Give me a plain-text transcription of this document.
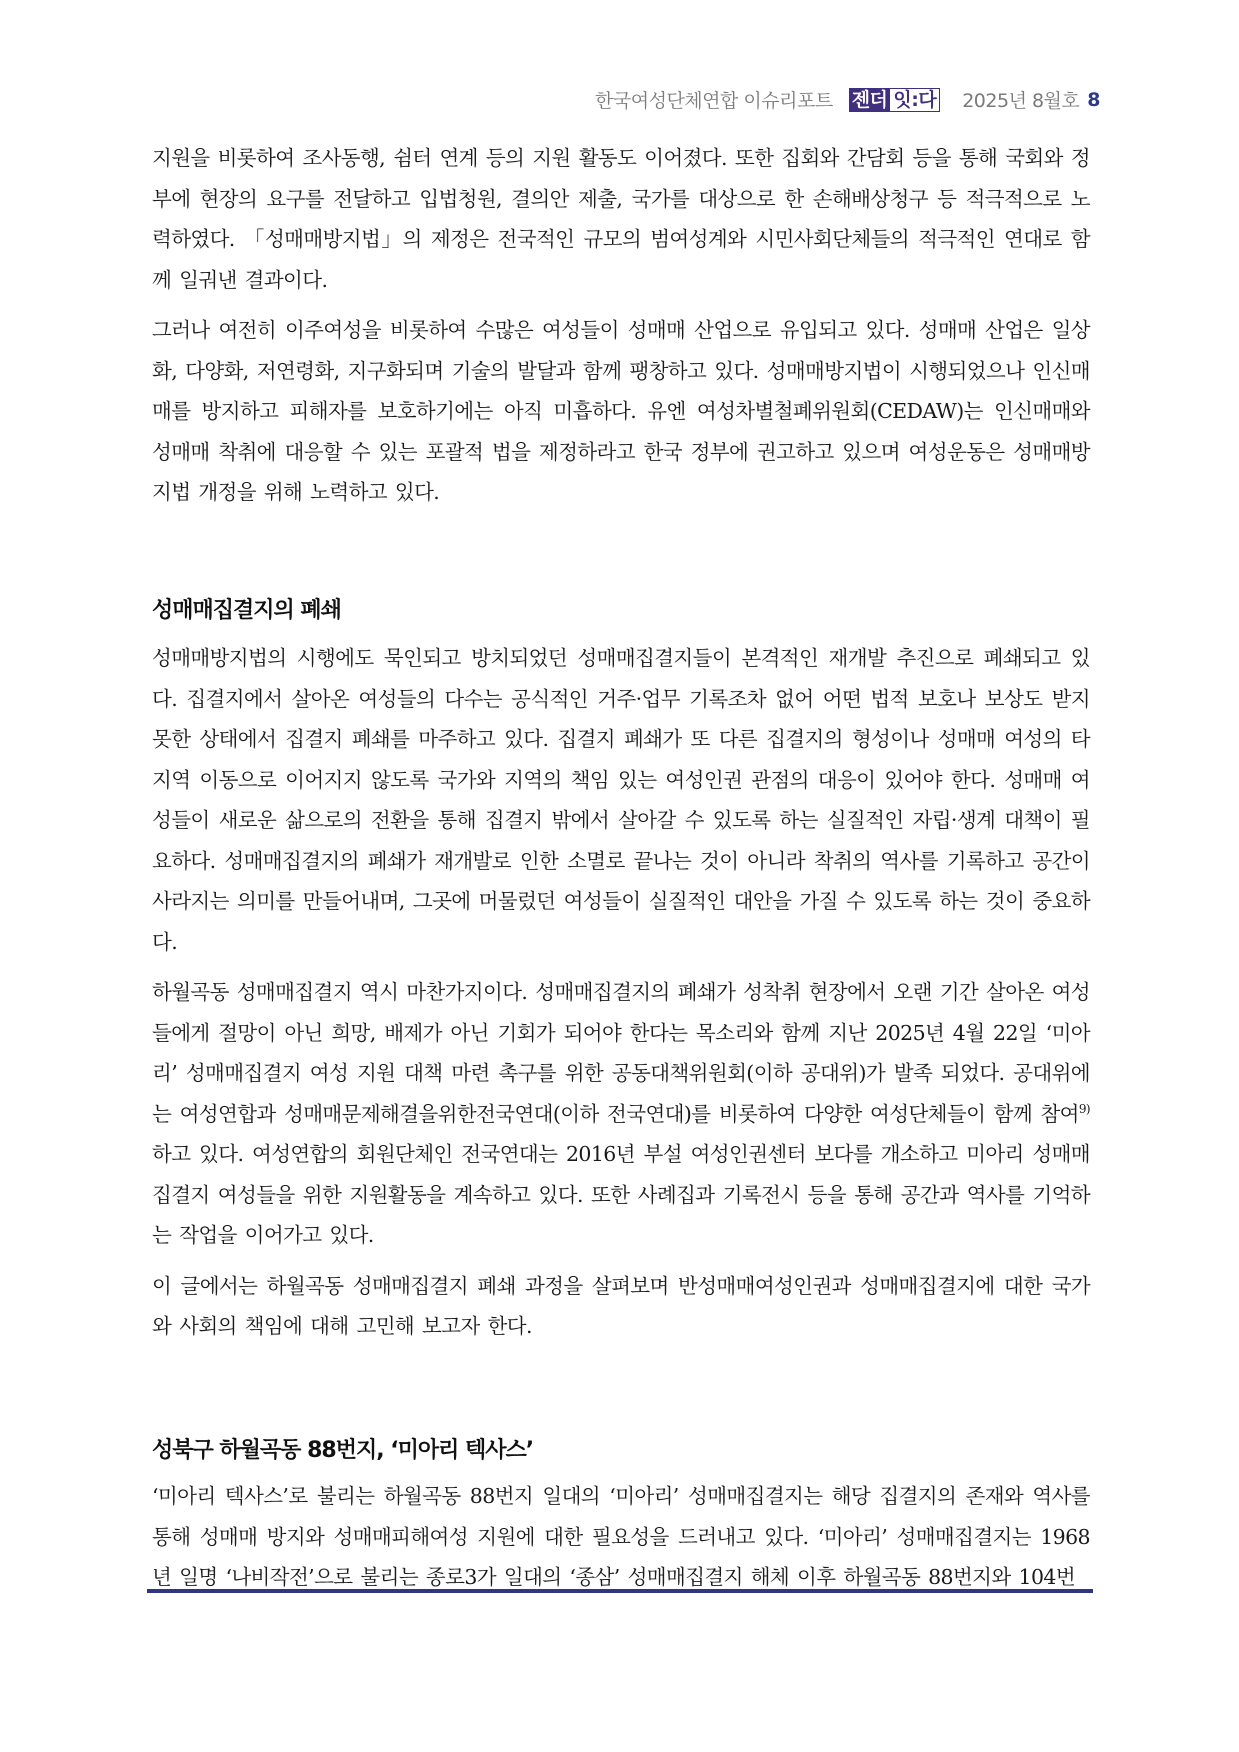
한국여성단체연합 이슈리포트 젠더 잇:다 2025년 8월호 8

지원을 비롯하여 조사동행, 쉼터 연계 등의 지원 활동도 이어졌다. 또한 집회와 간담회 등을 통해 국회와 정부에 현장의 요구를 전달하고 입법청원, 결의안 제출, 국가를 대상으로 한 손해배상청구 등 적극적으로 노력하였다. 「성매매방지법」의 제정은 전국적인 규모의 범여성계와 시민사회단체들의 적극적인 연대로 함께 일궈낸 결과이다.

그러나 여전히 이주여성을 비롯하여 수많은 여성들이 성매매 산업으로 유입되고 있다. 성매매 산업은 일상화, 다양화, 저연령화, 지구화되며 기술의 발달과 함께 팽창하고 있다. 성매매방지법이 시행되었으나 인신매매를 방지하고 피해자를 보호하기에는 아직 미흡하다. 유엔 여성차별철폐위원회(CEDAW)는 인신매매와 성매매 착취에 대응할 수 있는 포괄적 법을 제정하라고 한국 정부에 권고하고 있으며 여성운동은 성매매방지법 개정을 위해 노력하고 있다.

성매매집결지의 폐쇄

성매매방지법의 시행에도 묵인되고 방치되었던 성매매집결지들이 본격적인 재개발 추진으로 폐쇄되고 있다. 집결지에서 살아온 여성들의 다수는 공식적인 거주·업무 기록조차 없어 어떤 법적 보호나 보상도 받지 못한 상태에서 집결지 폐쇄를 마주하고 있다. 집결지 폐쇄가 또 다른 집결지의 형성이나 성매매 여성의 타 지역 이동으로 이어지지 않도록 국가와 지역의 책임 있는 여성인권 관점의 대응이 있어야 한다. 성매매 여성들이 새로운 삶으로의 전환을 통해 집결지 밖에서 살아갈 수 있도록 하는 실질적인 자립·생계 대책이 필요하다. 성매매집결지의 폐쇄가 재개발로 인한 소멸로 끝나는 것이 아니라 착취의 역사를 기록하고 공간이 사라지는 의미를 만들어내며, 그곳에 머물렀던 여성들이 실질적인 대안을 가질 수 있도록 하는 것이 중요하다.

하월곡동 성매매집결지 역시 마찬가지이다. 성매매집결지의 폐쇄가 성착취 현장에서 오랜 기간 살아온 여성들에게 절망이 아닌 희망, 배제가 아닌 기회가 되어야 한다는 목소리와 함께 지난 2025년 4월 22일 ‘미아리’ 성매매집결지 여성 지원 대책 마련 촉구를 위한 공동대책위원회(이하 공대위)가 발족 되었다. 공대위에는 여성연합과 성매매문제해결을위한전국연대(이하 전국연대)를 비롯하여 다양한 여성단체들이 함께 참여$^{9)}$하고 있다. 여성연합의 회원단체인 전국연대는 2016년 부설 여성인권센터 보다를 개소하고 미아리 성매매집결지 여성들을 위한 지원활동을 계속하고 있다. 또한 사례집과 기록전시 등을 통해 공간과 역사를 기억하는 작업을 이어가고 있다.

이 글에서는 하월곡동 성매매집결지 폐쇄 과정을 살펴보며 반성매매여성인권과 성매매집결지에 대한 국가와 사회의 책임에 대해 고민해 보고자 한다.

성북구 하월곡동 88번지, ‘미아리 텍사스’

‘미아리 텍사스’로 불리는 하월곡동 88번지 일대의 ‘미아리’ 성매매집결지는 해당 집결지의 존재와 역사를 통해 성매매 방지와 성매매피해여성 지원에 대한 필요성을 드러내고 있다. ‘미아리’ 성매매집결지는 1968년 일명 ‘나비작전’으로 불리는 종로3가 일대의 ‘종삼’ 성매매집결지 해체 이후 하월곡동 88번지와 104번
